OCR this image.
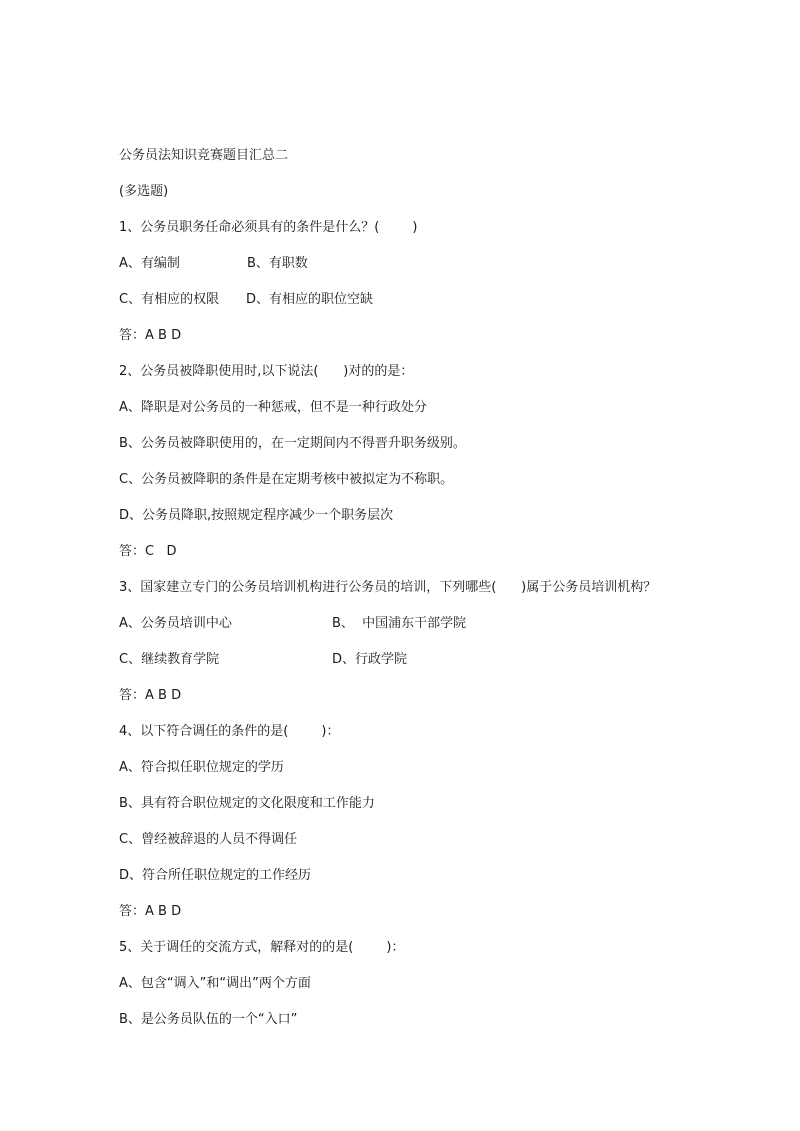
公务员法知识竞赛题目汇总二
(多选题)
1、公务员职务任命必须具有的条件是什么？(        )
A、有编制	B、有职数
C、有相应的权限 D、有相应的职位空缺
答：A B D
2、公务员被降职使用时,以下说法(      )对的的是：
A、降职是对公务员的一种惩戒，但不是一种行政处分
B、公务员被降职使用的，在一定期间内不得晋升职务级别。
C、公务员被降职的条件是在定期考核中被拟定为不称职。
D、公务员降职,按照规定程序减少一个职务层次
答：C   D
3、国家建立专门的公务员培训机构进行公务员的培训，下列哪些(      )属于公务员培训机构？
A、公务员培训中心	B、  中国浦东干部学院
C、继续教育学院	D、行政学院
答：A B D
4、以下符合调任的条件的是(        )：
A、符合拟任职位规定的学历
B、具有符合职位规定的文化限度和工作能力
C、曾经被辞退的人员不得调任
D、符合所任职位规定的工作经历
答：A B D
5、关于调任的交流方式，解释对的的是(        )：
A、包含“调入”和“调出”两个方面
B、是公务员队伍的一个“入口”
